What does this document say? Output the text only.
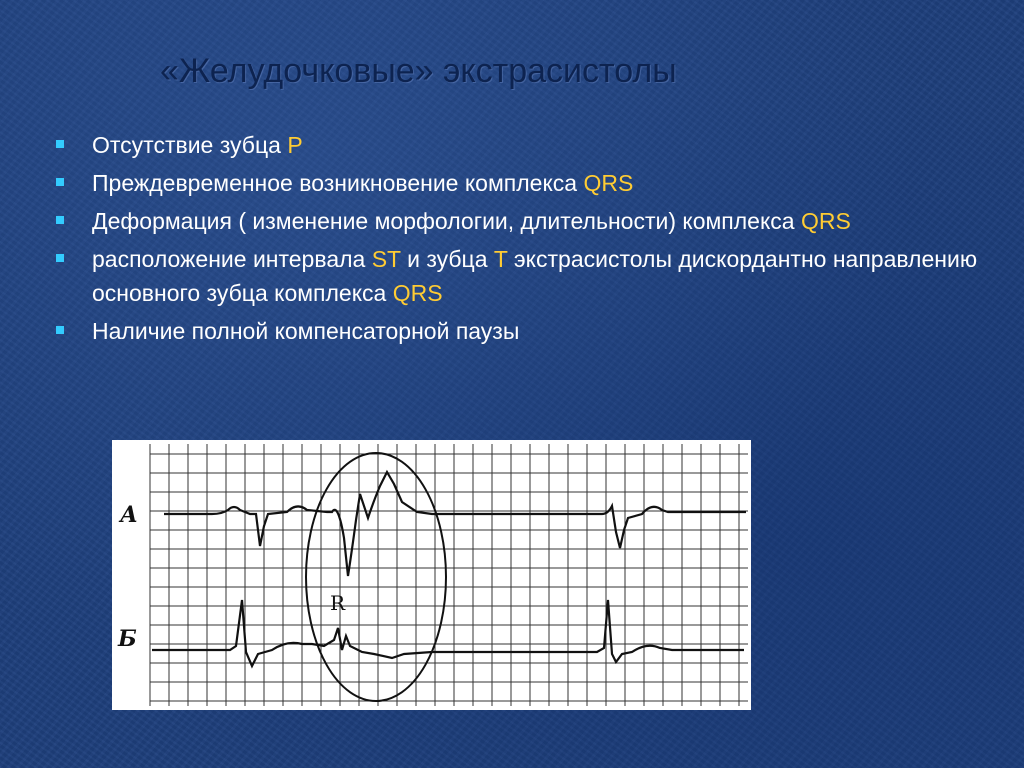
«Желудочковые» экстрасистолы
Отсутствие зубца P
Преждевременное возникновение комплекса QRS
Деформация ( изменение морфологии, длительности) комплекса QRS
расположение интервала ST и зубца T экстрасистолы дискордантно направлению основного зубца комплекса QRS
Наличие полной компенсаторной паузы
А
Б
R
